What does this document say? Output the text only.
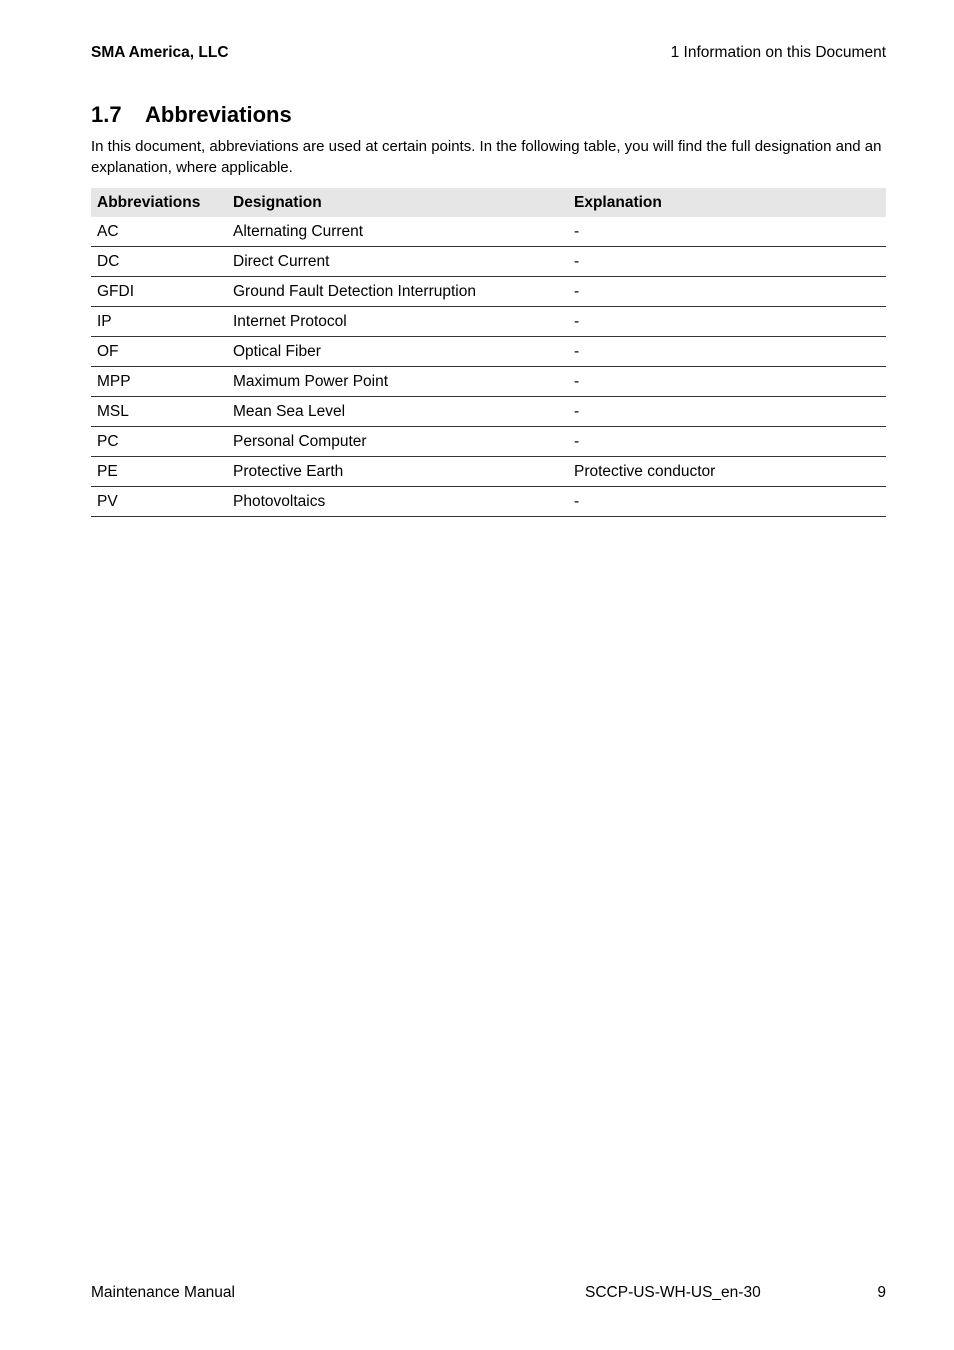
SMA America, LLC	1 Information on this Document
1.7 Abbreviations

In this document, abbreviations are used at certain points. In the following table, you will find the full designation and an explanation, where applicable.

Abbreviations	Designation	Explanation
AC	Alternating Current	-
DC	Direct Current	-
GFDI	Ground Fault Detection Interruption	-
IP	Internet Protocol	-
OF	Optical Fiber	-
MPP	Maximum Power Point	-
MSL	Mean Sea Level	-
PC	Personal Computer	-
PE	Protective Earth	Protective conductor
PV	Photovoltaics	-
Maintenance Manual	SCCP-US-WH-US_en-30	9
